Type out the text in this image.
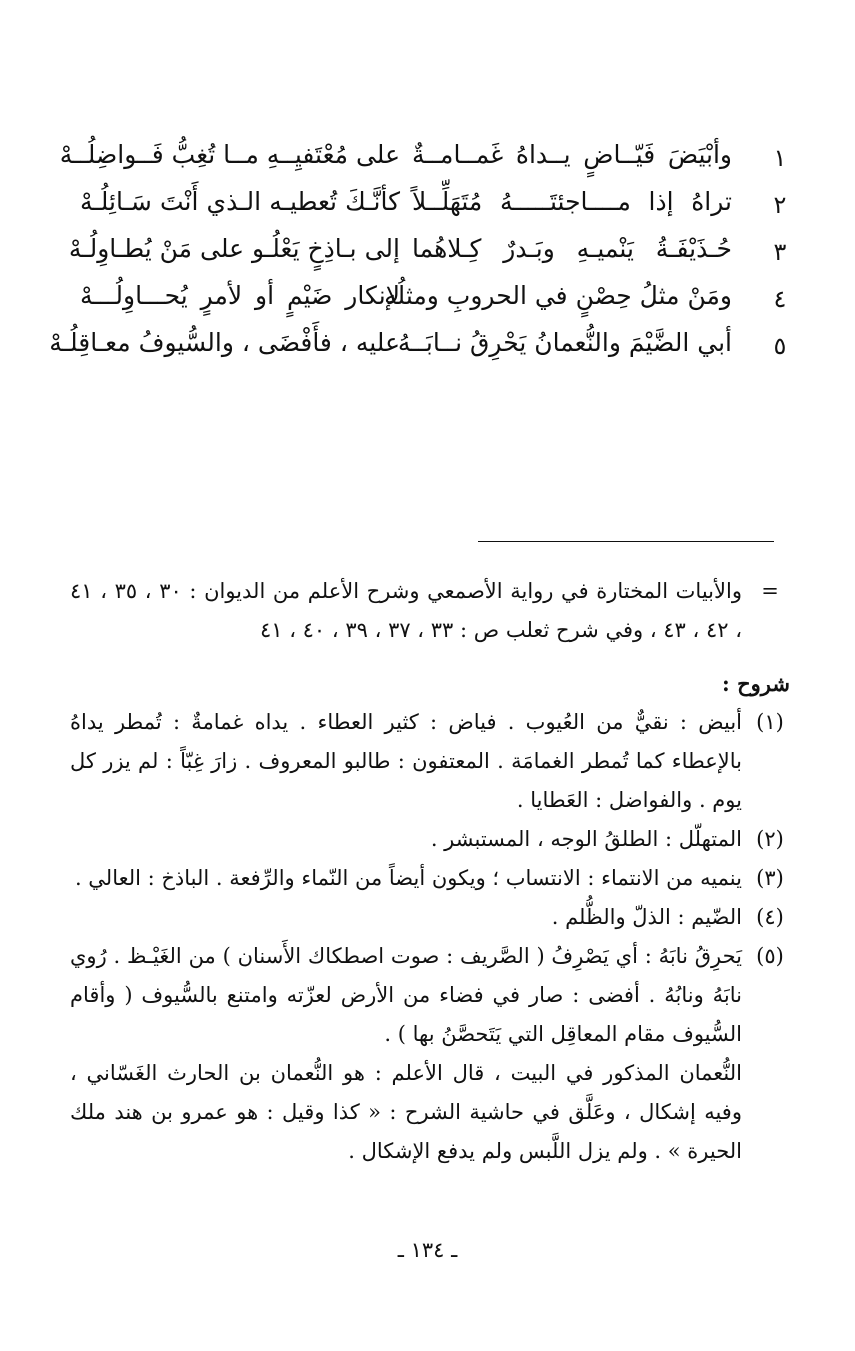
١
وأبْيَضَ فَيّــاضٍ يــداهُ غَمــامــةٌ
على مُعْتَفيِــهِ مــا تُغِبُّ فَــواضِلُــهْ
٢
تراهُ إذا مــــاجئتَـــــهُ مُتَهَلِّــلاً
كأنَّـكَ تُعطيـه الـذي أَنْتَ سَـائِلُـهْ
٣
حُـذَيْفَـةُ يَنْميـهِ وبَـدرٌ كِـلاهُما
إلى بـاذِخٍ يَعْلُـو على مَنْ يُطـاوِلُـهْ
٤
ومَنْ مثلُ حِصْنٍ في الحروبِ ومثلُه
لإنكار ضَيْمٍ أو لأمرٍ يُحـــاوِلُـــهْ
٥
أبي الضَّيْمَ والنُّعمانُ يَحْرِقُ نــابَــهُ
عليه ، فأَفْضَى ، والسُّيوفُ معـاقِلُـهْ

=
والأبيات المختارة في رواية الأصمعي وشرح الأعلم من الديوان : ٣٠ ، ٣٥ ، ٤١ ، ٤٢ ، ٤٣ ، وفي شرح ثعلب ص : ٣٣ ، ٣٧ ، ٣٩ ، ٤٠ ، ٤١

شروح :

(١)
أبيض : نقيٌّ من العُيوب . فياض : كثير العطاء . يداه غمامةٌ : تُمطر يداهُ بالإعطاء كما تُمطر الغمامَة . المعتفون : طالبو المعروف . زارَ غِبّاً : لم يزر كل يوم . والفواضل : العَطايا .

(٢)
المتهلّل : الطلقُ الوجه ، المستبشر .

(٣)
ينميه من الانتماء : الانتساب ؛ ويكون أيضاً من النّماء والرِّفعة . الباذخ : العالي .

(٤)
الضّيم : الذلّ والظُّلم .

(٥)
يَحرِقُ نابَهُ : أي يَصْرِفُ ( الصَّريف : صوت اصطكاك الأَسنان ) من الغَيْـظ . رُوي نابَهُ ونابُهُ . أفضى : صار في فضاء من الأرض لعزّته وامتنع بالسُّيوف ( وأقام السُّيوف مقام المعاقِل التي يَتَحصَّنُ بها ) .

النُّعمان المذكور في البيت ، قال الأعلم : هو النُّعمان بن الحارث الغَسّاني ، وفيه إشكال ، وعَلَّق في حاشية الشرح : « كذا وقيل : هو عمرو بن هند ملك الحيرة » . ولم يزل اللَّبس ولم يدفع الإشكال .

ـ ١٣٤ ـ
